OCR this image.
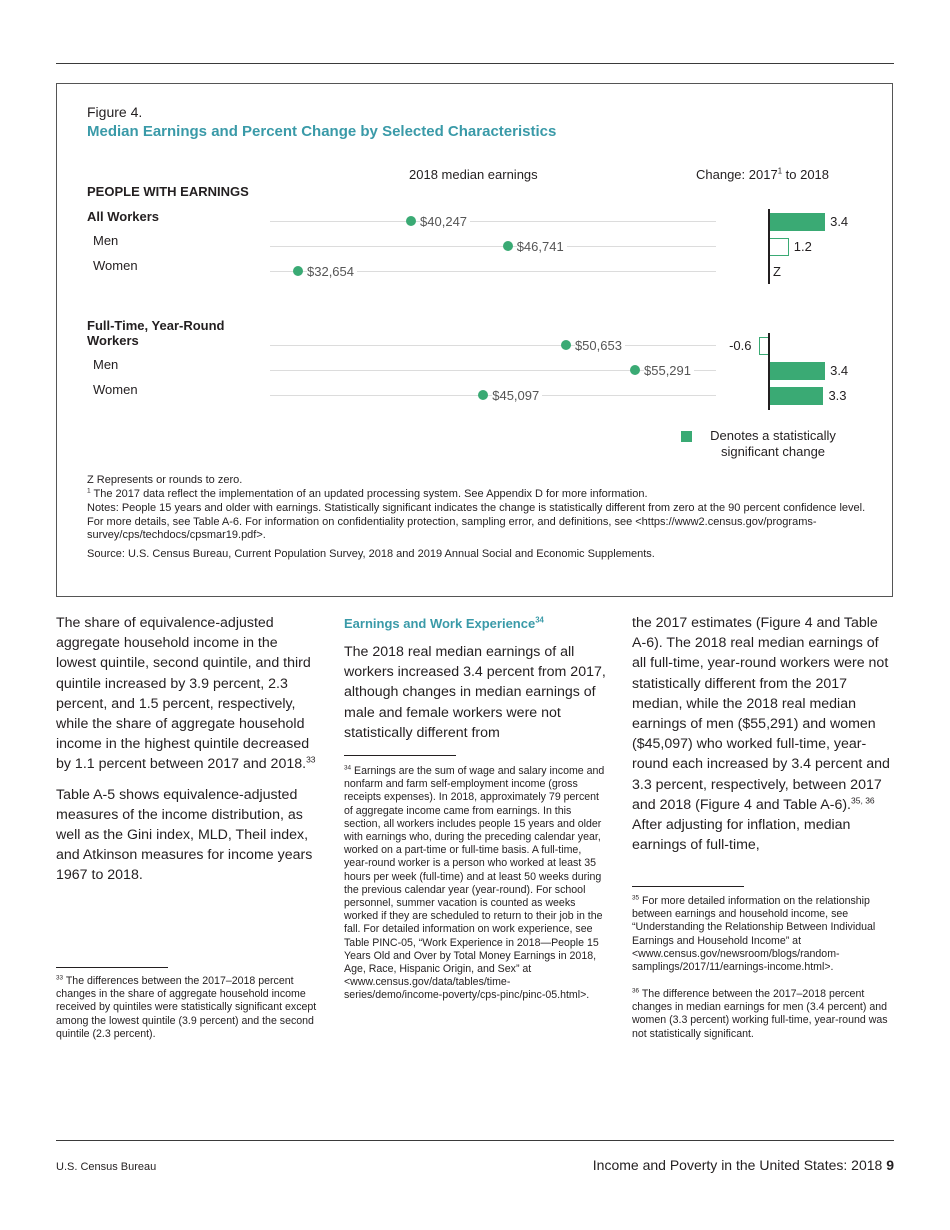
Figure 4.
Median Earnings and Percent Change by Selected Characteristics
2018 median earnings	Change: 2017$^1$ to 2018
PEOPLE WITH EARNINGS
All Workers	$40,247	3.4
Men	$46,741	1.2
Women	$32,654	Z
Full-Time, Year-Round Workers	$50,653	-0.6
Men	$55,291	3.4
Women	$45,097	3.3
Denotes a statistically significant change
Z Represents or rounds to zero.
$^1$ The 2017 data reflect the implementation of an updated processing system. See Appendix D for more information.
Notes: People 15 years and older with earnings. Statistically significant indicates the change is statistically different from zero at the 90 percent confidence level. For more details, see Table A-6. For information on confidentiality protection, sampling error, and definitions, see <https://www2.census.gov/programs-survey/cps/techdocs/cpsmar19.pdf>.
Source: U.S. Census Bureau, Current Population Survey, 2018 and 2019 Annual Social and Economic Supplements.

The share of equivalence-adjusted aggregate household income in the lowest quintile, second quintile, and third quintile increased by 3.9 percent, 2.3 percent, and 1.5 percent, respectively, while the share of aggregate household income in the highest quintile decreased by 1.1 percent between 2017 and 2018.33

Table A-5 shows equivalence-adjusted measures of the income distribution, as well as the Gini index, MLD, Theil index, and Atkinson measures for income years 1967 to 2018.

$^{33}$ The differences between the 2017–2018 percent changes in the share of aggregate household income received by quintiles were statistically significant except among the lowest quintile (3.9 percent) and the second quintile (2.3 percent).
Earnings and Work Experience$^{34}$

The 2018 real median earnings of all workers increased 3.4 percent from 2017, although changes in median earnings of male and female workers were not statistically different from

$^{34}$ Earnings are the sum of wage and salary income and nonfarm and farm self-employment income (gross receipts expenses). In 2018, approximately 79 percent of aggregate income came from earnings. In this section, all workers includes people 15 years and older with earnings who, during the preceding calendar year, worked on a part-time or full-time basis. A full-time, year-round worker is a person who worked at least 35 hours per week (full-time) and at least 50 weeks during the previous calendar year (year-round). For school personnel, summer vacation is counted as weeks worked if they are scheduled to return to their job in the fall. For detailed information on work experience, see Table PINC-05, “Work Experience in 2018—People 15 Years Old and Over by Total Money Earnings in 2018, Age, Race, Hispanic Origin, and Sex” at <www.census.gov/data/tables/time-series/demo/income-poverty/cps-pinc/pinc-05.html>.

the 2017 estimates (Figure 4 and Table A-6). The 2018 real median earnings of all full-time, year-round workers were not statistically different from the 2017 median, while the 2018 real median earnings of men ($55,291) and women ($45,097) who worked full-time, year-round each increased by 3.4 percent and 3.3 percent, respectively, between 2017 and 2018 (Figure 4 and Table A-6).$^{35, 36}$ After adjusting for inflation, median earnings of full-time,

$^{35}$ For more detailed information on the relationship between earnings and household income, see “Understanding the Relationship Between Individual Earnings and Household Income” at <www.census.gov/newsroom/blogs/random-samplings/2017/11/earnings-income.html>.
$^{36}$ The difference between the 2017–2018 percent changes in median earnings for men (3.4 percent) and women (3.3 percent) working full-time, year-round was not statistically significant.
U.S. Census Bureau	Income and Poverty in the United States: 2018 9
